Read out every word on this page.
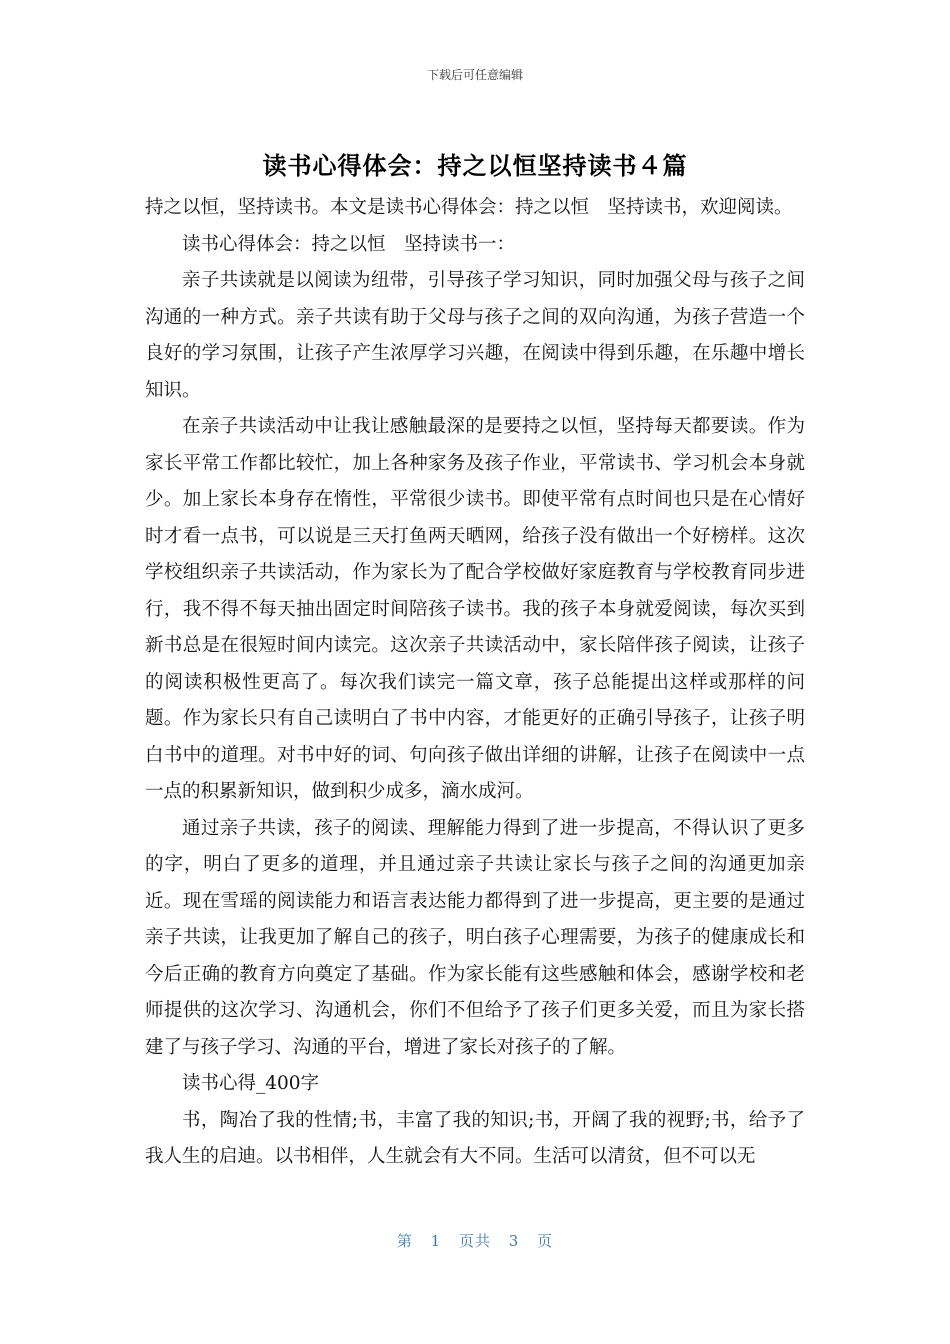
下载后可任意编辑
读书心得体会：持之以恒坚持读书４篇

持之以恒，坚持读书。本文是读书心得体会：持之以恒　坚持读书，欢迎阅读。

读书心得体会：持之以恒　坚持读书一：

亲子共读就是以阅读为纽带，引导孩子学习知识，同时加强父母与孩子之间沟通的一种方式。亲子共读有助于父母与孩子之间的双向沟通，为孩子营造一个良好的学习氛围，让孩子产生浓厚学习兴趣，在阅读中得到乐趣，在乐趣中增长知识。

在亲子共读活动中让我让感触最深的是要持之以恒，坚持每天都要读。作为家长平常工作都比较忙，加上各种家务及孩子作业，平常读书、学习机会本身就少。加上家长本身存在惰性，平常很少读书。即使平常有点时间也只是在心情好时才看一点书，可以说是三天打鱼两天晒网，给孩子没有做出一个好榜样。这次学校组织亲子共读活动，作为家长为了配合学校做好家庭教育与学校教育同步进行，我不得不每天抽出固定时间陪孩子读书。我的孩子本身就爱阅读，每次买到新书总是在很短时间内读完。这次亲子共读活动中，家长陪伴孩子阅读，让孩子的阅读积极性更高了。每次我们读完一篇文章，孩子总能提出这样或那样的问题。作为家长只有自己读明白了书中内容，才能更好的正确引导孩子，让孩子明白书中的道理。对书中好的词、句向孩子做出详细的讲解，让孩子在阅读中一点一点的积累新知识，做到积少成多，滴水成河。

通过亲子共读，孩子的阅读、理解能力得到了进一步提高，不得认识了更多的字，明白了更多的道理，并且通过亲子共读让家长与孩子之间的沟通更加亲近。现在雪瑶的阅读能力和语言表达能力都得到了进一步提高，更主要的是通过亲子共读，让我更加了解自己的孩子，明白孩子心理需要，为孩子的健康成长和今后正确的教育方向奠定了基础。作为家长能有这些感触和体会，感谢学校和老师提供的这次学习、沟通机会，你们不但给予了孩子们更多关爱，而且为家长搭建了与孩子学习、沟通的平台，增进了家长对孩子的了解。

读书心得_400字

书，陶冶了我的性情;书，丰富了我的知识;书，开阔了我的视野;书，给予了我人生的启迪。以书相伴，人生就会有大不同。生活可以清贫，但不可以无

第 1 页共 3 页
